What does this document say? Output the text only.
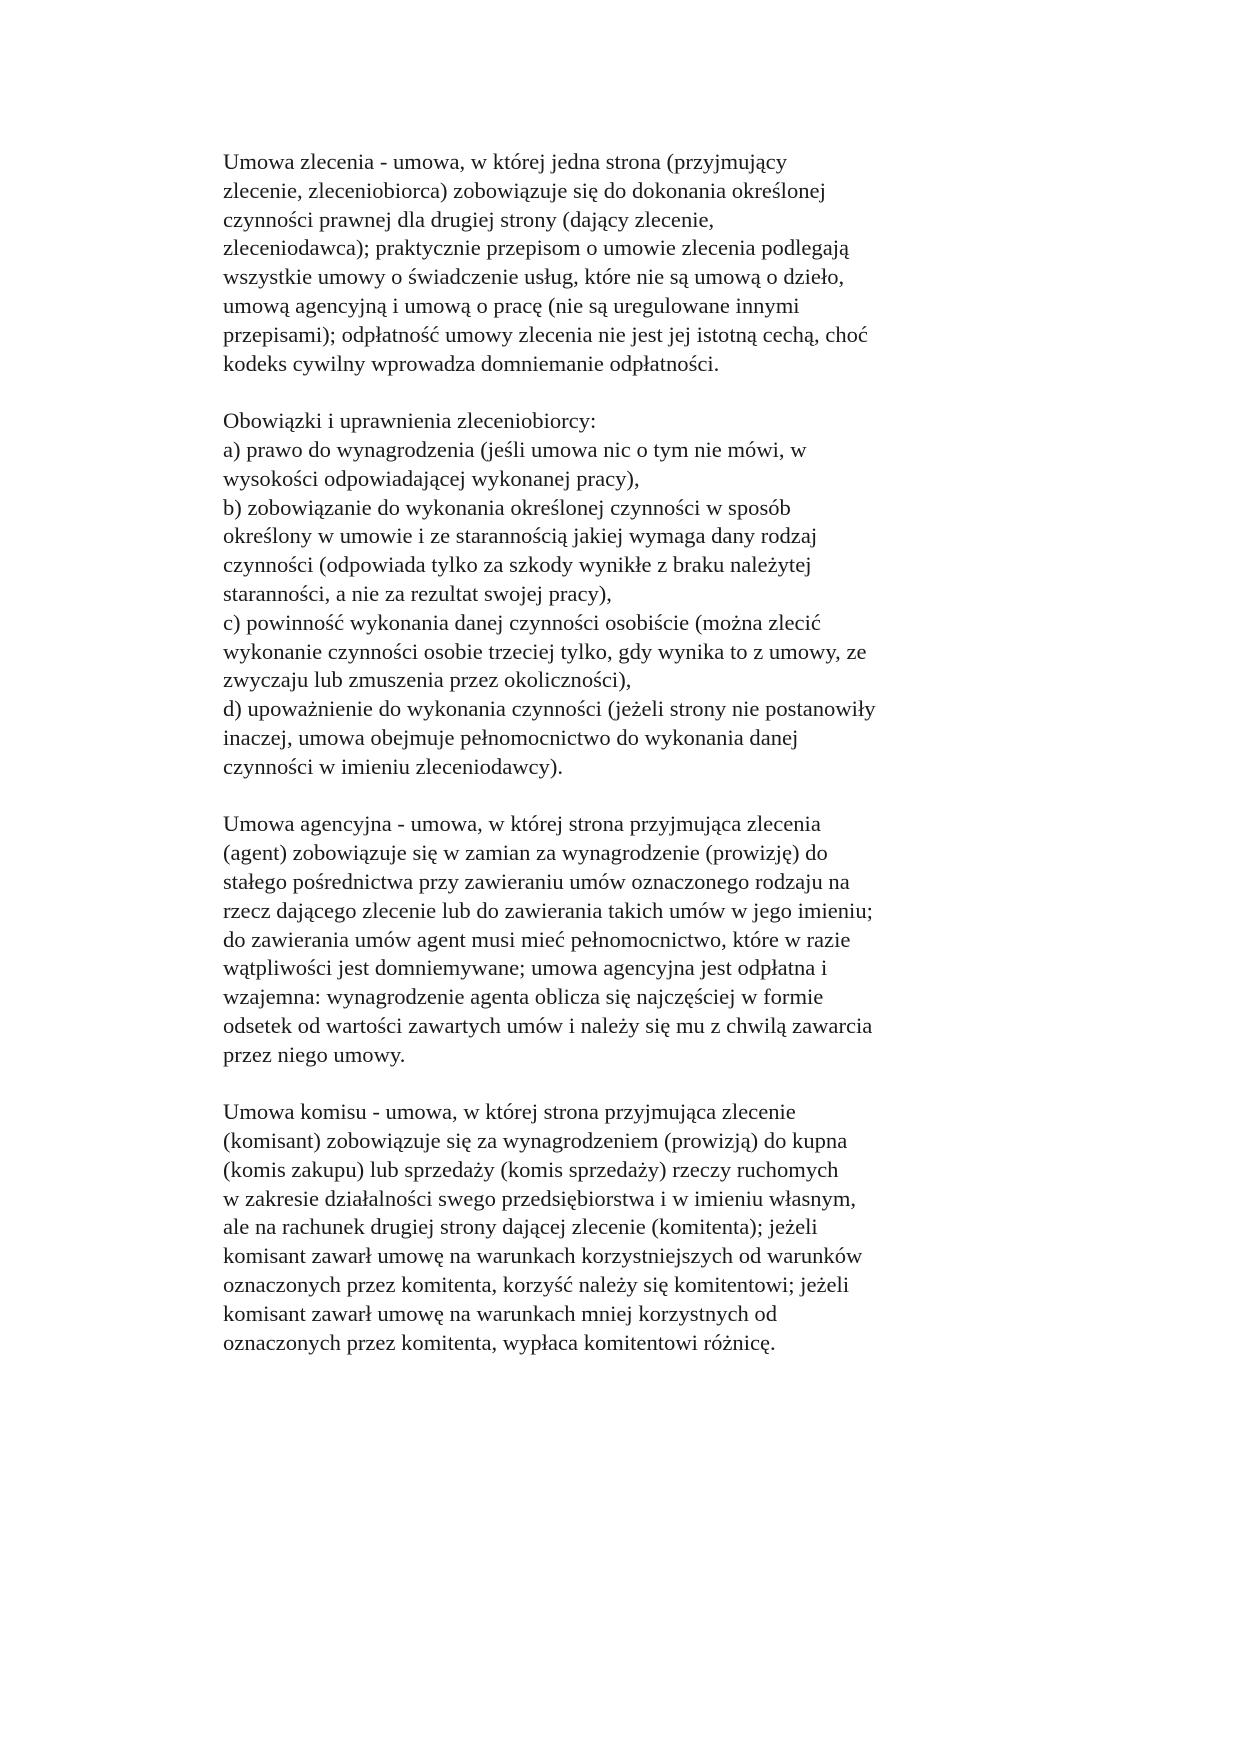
Umowa zlecenia - umowa, w której jedna strona (przyjmujący
zlecenie, zleceniobiorca) zobowiązuje się do dokonania określonej
czynności prawnej dla drugiej strony (dający zlecenie,
zleceniodawca); praktycznie przepisom o umowie zlecenia podlegają
wszystkie umowy o świadczenie usług, które nie są umową o dzieło,
umową agencyjną i umową o pracę (nie są uregulowane innymi
przepisami); odpłatność umowy zlecenia nie jest jej istotną cechą, choć
kodeks cywilny wprowadza domniemanie odpłatności.

Obowiązki i uprawnienia zleceniobiorcy:
a) prawo do wynagrodzenia (jeśli umowa nic o tym nie mówi, w
wysokości odpowiadającej wykonanej pracy),
b) zobowiązanie do wykonania określonej czynności w sposób
określony w umowie i ze starannością jakiej wymaga dany rodzaj
czynności (odpowiada tylko za szkody wynikłe z braku należytej
staranności, a nie za rezultat swojej pracy),
c) powinność wykonania danej czynności osobiście (można zlecić
wykonanie czynności osobie trzeciej tylko, gdy wynika to z umowy, ze
zwyczaju lub zmuszenia przez okoliczności),
d) upoważnienie do wykonania czynności (jeżeli strony nie postanowiły
inaczej, umowa obejmuje pełnomocnictwo do wykonania danej
czynności w imieniu zleceniodawcy).

Umowa agencyjna - umowa, w której strona przyjmująca zlecenia
(agent) zobowiązuje się w zamian za wynagrodzenie (prowizję) do
stałego pośrednictwa przy zawieraniu umów oznaczonego rodzaju na
rzecz dającego zlecenie lub do zawierania takich umów w jego imieniu;
do zawierania umów agent musi mieć pełnomocnictwo, które w razie
wątpliwości jest domniemywane; umowa agencyjna jest odpłatna i
wzajemna: wynagrodzenie agenta oblicza się najczęściej w formie
odsetek od wartości zawartych umów i należy się mu z chwilą zawarcia
przez niego umowy.

Umowa komisu - umowa, w której strona przyjmująca zlecenie
(komisant) zobowiązuje się za wynagrodzeniem (prowizją) do kupna
(komis zakupu) lub sprzedaży (komis sprzedaży) rzeczy ruchomych
w zakresie działalności swego przedsiębiorstwa i w imieniu własnym,
ale na rachunek drugiej strony dającej zlecenie (komitenta); jeżeli
komisant zawarł umowę na warunkach korzystniejszych od warunków
oznaczonych przez komitenta, korzyść należy się komitentowi; jeżeli
komisant zawarł umowę na warunkach mniej korzystnych od
oznaczonych przez komitenta, wypłaca komitentowi różnicę.
